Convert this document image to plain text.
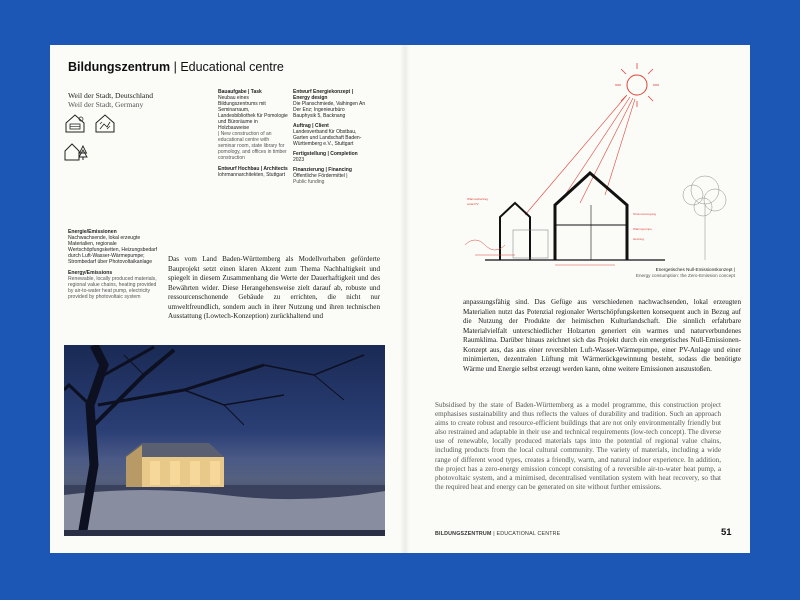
Bildungszentrum | Educational centre
Weil der Stadt, Deutschland
Weil der Stadt, Germany
Energie/Emissionen
Nachwachsende, lokal erzeugte Materialien, regionale Wertschöpfungsketten, Heizungsbedarf durch Luft-Wasser-Wärmepumpe; Strombedarf über Photovoltaikanlage
Energy/Emissions
Renewable, locally produced materials, regional value chains, heating provided by air-to-water heat pump, electricity provided by photovoltaic system
Bauaufgabe | Task
Neubau eines Bildungszentrums mit Seminarraum, Landesbibliothek für Pomologie und Büroräume in Holzbauweise
| New construction of an educational centre with seminar room, state library for pomology, and offices in timber construction
Entwurf Hochbau | Architects
lohrmannarchitekten, Stuttgart
Entwurf Energiekonzept | Energy design
Die Planschmiede, Vaihingen An Der Enz; Ingenieurbüro Bauphysik 5, Backnang
Auftrag | Client
Landesverband für Obstbau, Garten und Landschaft Baden-Württemberg e.V., Stuttgart
Fertigstellung | Completion
2023
Finanzierung | Financing
Öffentliche Fördermittel |
Public funding
Das vom Land Baden-Württemberg als Modellvorhaben geförderte Bauprojekt setzt einen klaren Akzent zum Thema Nachhaltigkeit und spiegelt in diesem Zusammenhang die Werte der Dauerhaftigkeit und des Bewährten wider. Diese Herangehensweise zielt darauf ab, robuste und ressourcenschonende Gebäude zu errichten, die nicht nur umweltfreundlich, sondern auch in ihrer Nutzung und ihren technischen Ausstattung (Lowtech-Konzeption) zurückhaltend und
Wärmeübertrag
solar-PV
Stromversorgung
Wärmepumpe
Heizung
Energetisches Null-Emissionskonzept |
Energy consumption: the Zero-Emission concept
anpassungsfähig sind. Das Gefüge aus verschiedenen nachwachsenden, lokal erzeugten Materialien nutzt das Potenzial regionaler Wertschöpfungsketten konsequent auch in Bezug auf die Nutzung der Produkte der heimischen Kulturlandschaft. Die sinnlich erfahrbare Materialvielfalt unterschiedlicher Holzarten generiert ein warmes und naturverbundenes Raumklima. Darüber hinaus zeichnet sich das Projekt durch ein energetisches Null-Emissionen-Konzept aus, das aus einer reversiblen Luft-Wasser-Wärmepumpe, einer PV-Anlage und einer minimierten, dezentralen Lüftung mit Wärmerückgewinnung besteht, sodass die benötigte Wärme und Energie selbst erzeugt werden kann, ohne weitere Emissionen auszustoßen.
Subsidised by the state of Baden-Württemberg as a model programme, this construction project emphasises sustainability and thus reflects the values of durability and tradition. Such an approach aims to create robust and resource-efficient buildings that are not only environmentally friendly but also restrained and adaptable in their use and technical requirements (low-tech concept). The diverse use of renewable, locally produced materials taps into the potential of regional value chains, including products from the local cultural community. The variety of materials, including a wide range of different wood types, creates a friendly, warm, and natural indoor experience. In addition, the project has a zero-energy emission concept consisting of a reversible air-to-water heat pump, a photovoltaic system, and a minimised, decentralised ventilation system with heat recovery, so that the required heat and energy can be generated on site without further emissions.
BILDUNGSZENTRUM | EDUCATIONAL CENTRE	51
